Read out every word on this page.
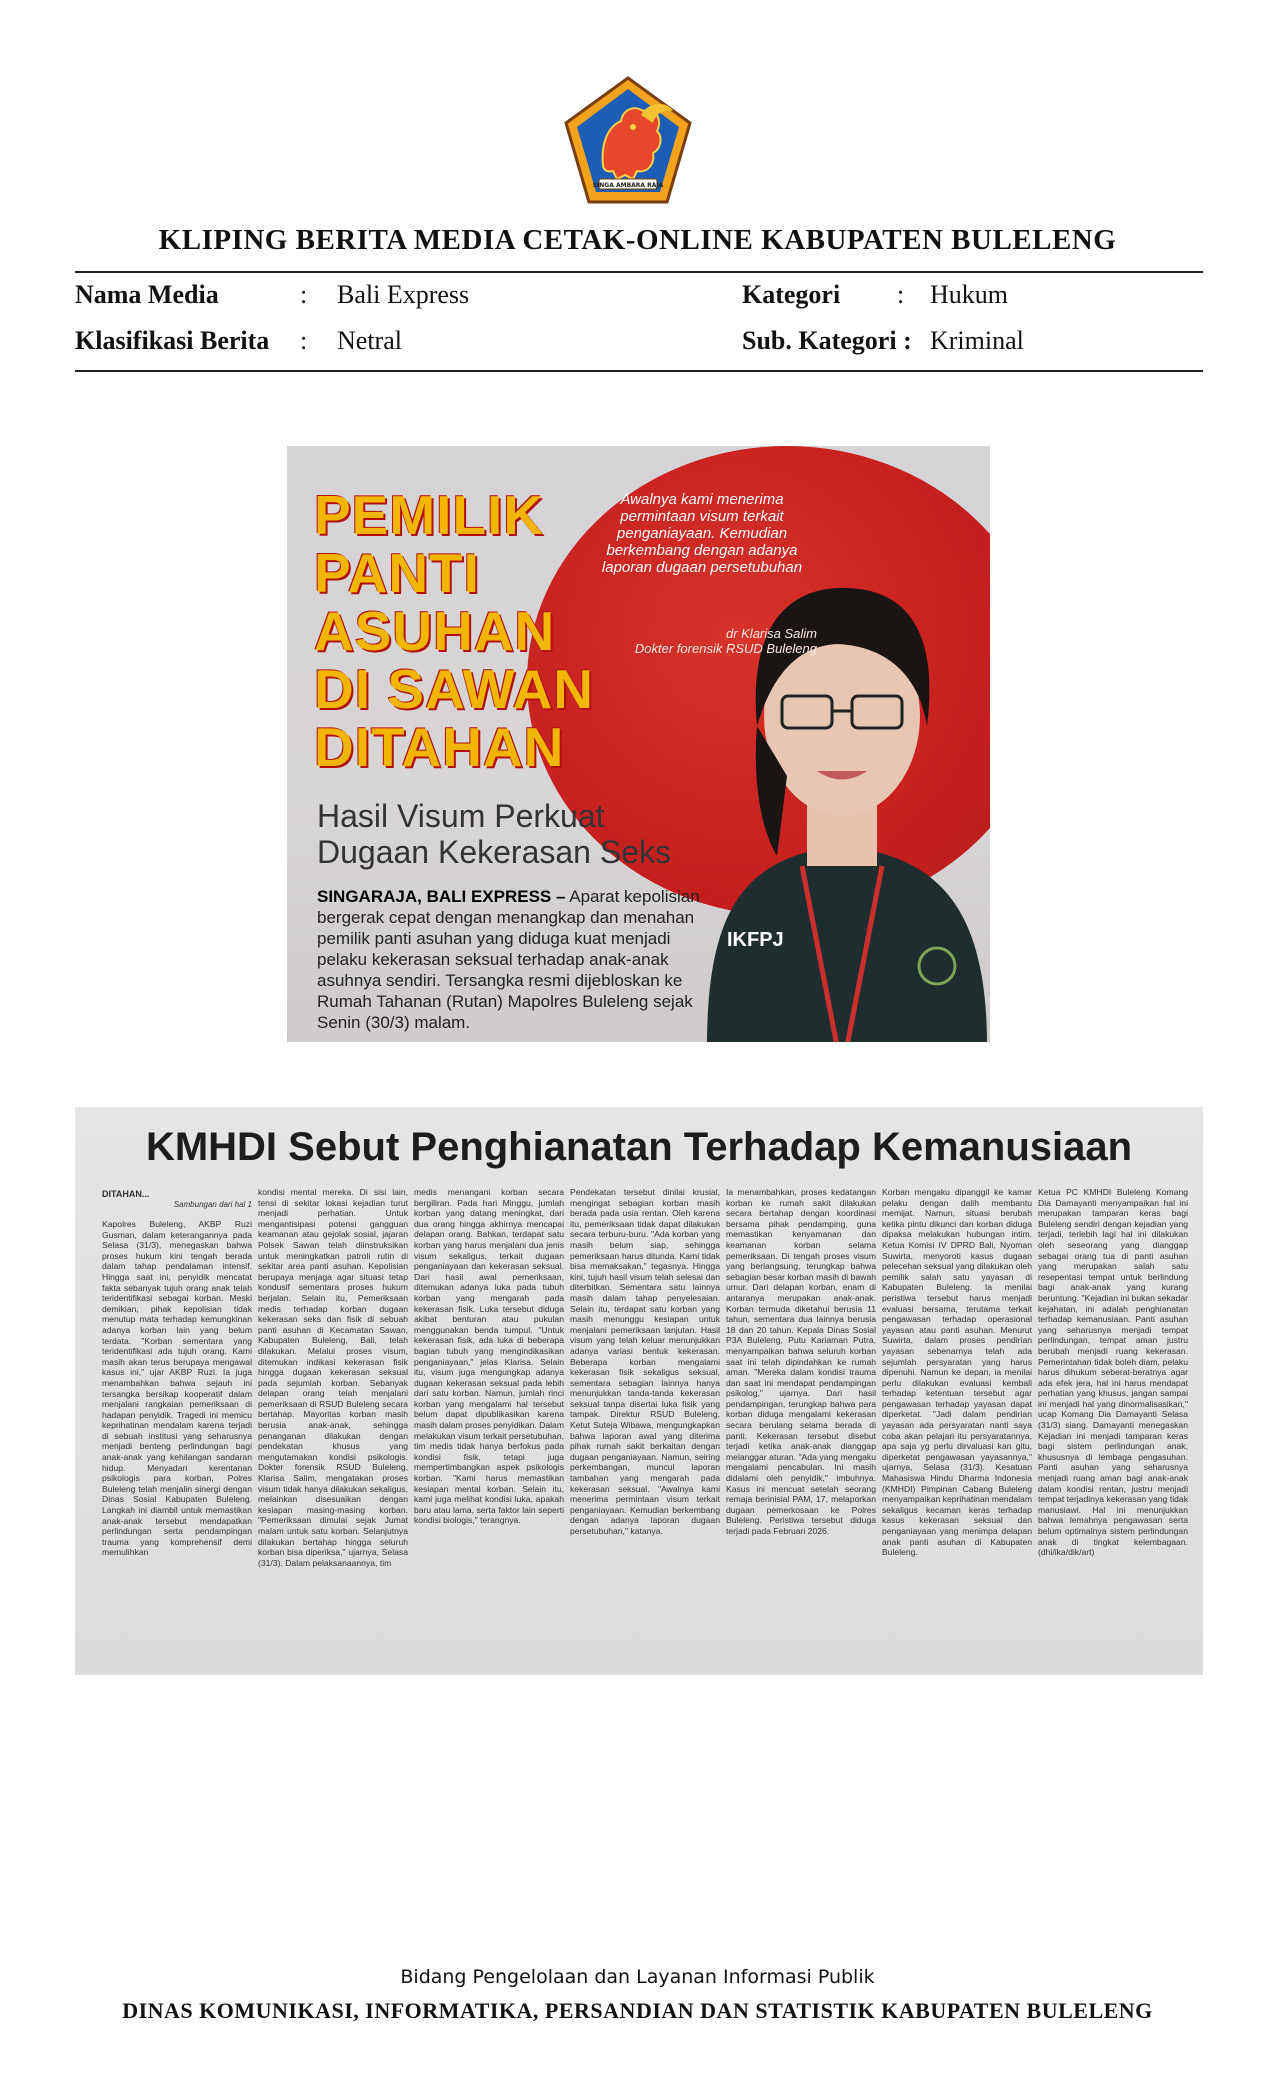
SINGA AMBARA RAJA
KLIPING BERITA MEDIA CETAK-ONLINE KABUPATEN BULELENG
Nama Media	: Bali Express	Kategori : Hukum
Klasifikasi Berita : Netral	Sub. Kategori : Kriminal
IKFPJ
Awalnya kami menerima permintaan visum terkait penganiayaan. Kemudian berkembang dengan adanya laporan dugaan persetubuhan
dr Klarisa Salim
Dokter forensik RSUD Buleleng
PEMILIK
PANTI
ASUHAN
DI SAWAN
DITAHAN
Hasil Visum Perkuat
Dugaan Kekerasan Seks
SINGARAJA, BALI EXPRESS – Aparat kepolisian bergerak cepat dengan menangkap dan menahan pemilik panti asuhan yang diduga kuat menjadi pelaku kekerasan seksual terhadap anak-anak asuhnya sendiri. Tersangka resmi dijebloskan ke Rumah Tahanan (Rutan) Mapolres Buleleng sejak Senin (30/3) malam.
KMHDI Sebut Penghianatan Terhadap Kemanusiaan
DITAHAN...
Sambungan dari hal 1
Kapolres Buleleng, AKBP Ruzi Gusman, dalam keterangannya pada Selasa (31/3), menegaskan bahwa proses hukum kini tengah berada dalam tahap pendalaman intensif. Hingga saat ini, penyidik mencatat fakta sebanyak tujuh orang anak telah teridentifikasi sebagai korban. Meski demikian, pihak kepolisian tidak menutup mata terhadap kemungkinan adanya korban lain yang belum terdata. "Korban sementara yang teridentifikasi ada tujuh orang. Kami masih akan terus berupaya mengawal kasus ini," ujar AKBP Ruzi. Ia juga menambahkan bahwa sejauh ini tersangka bersikap kooperatif dalam menjalani rangkaian pemeriksaan di hadapan penyidik. Tragedi ini memicu keprihatinan mendalam karena terjadi di sebuah institusi yang seharusnya menjadi benteng perlindungan bagi anak-anak yang kehilangan sandaran hidup. Menyadari kerentanan psikologis para korban, Polres Buleleng telah menjalin sinergi dengan Dinas Sosial Kabupaten Buleleng. Langkah ini diambil untuk memastikan anak-anak tersebut mendapatkan perlindungan serta pendampingan trauma yang komprehensif demi memulihkan
kondisi mental mereka. Di sisi lain, tensi di sekitar lokasi kejadian turut menjadi perhatian. Untuk mengantisipasi potensi gangguan keamanan atau gejolak sosial, jajaran Polsek Sawan telah diinstruksikan untuk meningkatkan patroli rutin di sekitar area panti asuhan. Kepolisian berupaya menjaga agar situasi tetap kondusif sementara proses hukum berjalan. Selain itu, Pemeriksaan medis terhadap korban dugaan kekerasan seks dan fisik di sebuah panti asuhan di Kecamatan Sawan, Kabupaten Buleleng, Bali, telah dilakukan. Melalui proses visum, ditemukan indikasi kekerasan fisik hingga dugaan kekerasan seksual pada sejumlah korban. Sebanyak delapan orang telah menjalani pemeriksaan di RSUD Buleleng secara bertahap. Mayoritas korban masih berusia anak-anak, sehingga penanganan dilakukan dengan pendekatan khusus yang mengutamakan kondisi psikologis. Dokter forensik RSUD Buleleng, Klarisa Salim, mengatakan proses visum tidak hanya dilakukan sekaligus, melainkan disesuaikan dengan kesiapan masing-masing korban. "Pemeriksaan dimulai sejak Jumat malam untuk satu korban. Selanjutnya dilakukan bertahap hingga seluruh korban bisa diperiksa," ujarnya, Selasa (31/3). Dalam pelaksanaannya, tim
medis menangani korban secara bergiliran. Pada hari Minggu, jumlah korban yang datang meningkat, dari dua orang hingga akhirnya mencapai delapan orang. Bahkan, terdapat satu korban yang harus menjalani dua jenis visum sekaligus, terkait dugaan penganiayaan dan kekerasan seksual. Dari hasil awal pemeriksaan, ditemukan adanya luka pada tubuh korban yang mengarah pada kekerasan fisik. Luka tersebut diduga akibat benturan atau pukulan menggunakan benda tumpul. "Untuk kekerasan fisik, ada luka di beberapa bagian tubuh yang mengindikasikan penganiayaan," jelas Klarisa. Selain itu, visum juga mengungkap adanya dugaan kekerasan seksual pada lebih dari satu korban. Namun, jumlah rinci korban yang mengalami hal tersebut belum dapat dipublikasikan karena masih dalam proses penyidikan. Dalam melakukan visum terkait persetubuhan, tim medis tidak hanya berfokus pada kondisi fisik, tetapi juga mempertimbangkan aspek psikologis korban. "Kami harus memastikan kesiapan mental korban. Selain itu, kami juga melihat kondisi luka, apakah baru atau lama, serta faktor lain seperti kondisi biologis," terangnya.
Pendekatan tersebut dinilai krusial, mengingat sebagian korban masih berada pada usia rentan. Oleh karena itu, pemeriksaan tidak dapat dilakukan secara terburu-buru. "Ada korban yang masih belum siap, sehingga pemeriksaan harus ditunda. Kami tidak bisa memaksakan," tegasnya. Hingga kini, tujuh hasil visum telah selesai dan diterbitkan. Sementara satu lainnya masih dalam tahap penyelesaian. Selain itu, terdapat satu korban yang masih menunggu kesiapan untuk menjalani pemeriksaan lanjutan. Hasil visum yang telah keluar menunjukkan adanya variasi bentuk kekerasan. Beberapa korban mengalami kekerasan fisik sekaligus seksual, sementara sebagian lainnya hanya menunjukkan tanda-tanda kekerasan seksual tanpa disertai luka fisik yang tampak. Direktur RSUD Buleleng, Ketut Suteja Wibawa, mengungkapkan bahwa laporan awal yang diterima pihak rumah sakit berkaitan dengan dugaan penganiayaan. Namun, seiring perkembangan, muncul laporan tambahan yang mengarah pada kekerasan seksual. "Awalnya kami menerima permintaan visum terkait penganiayaan. Kemudian berkembang dengan adanya laporan dugaan persetubuhan," katanya.
Ia menambahkan, proses kedatangan korban ke rumah sakit dilakukan secara bertahap dengan koordinasi bersama pihak pendamping, guna memastikan kenyamanan dan keamanan korban selama pemeriksaan. Di tengah proses visum yang berlangsung, terungkap bahwa sebagian besar korban masih di bawah umur. Dari delapan korban, enam di antaranya merupakan anak-anak. Korban termuda diketahui berusia 11 tahun, sementara dua lainnya berusia 18 dan 20 tahun. Kepala Dinas Sosial P3A Buleleng, Putu Kariaman Putra, menyampaikan bahwa seluruh korban saat ini telah dipindahkan ke rumah aman. "Mereka dalam kondisi trauma dan saat ini mendapat pendampingan psikolog," ujarnya. Dari hasil pendampingan, terungkap bahwa para korban diduga mengalami kekerasan secara berulang selama berada di panti. Kekerasan tersebut disebut terjadi ketika anak-anak dianggap melanggar aturan. "Ada yang mengaku mengalami pencabulan. Ini masih didalami oleh penyidik," imbuhnya. Kasus ini mencuat setelah seorang remaja berinisial PAM, 17, melaporkan dugaan pemerkosaan ke Polres Buleleng. Peristiwa tersebut diduga terjadi pada Februari 2026.
Korban mengaku dipanggil ke kamar pelaku dengan dalih membantu memijat. Namun, situasi berubah ketika pintu dikunci dan korban diduga dipaksa melakukan hubungan intim. Ketua Komisi IV DPRD Bali, Nyoman Suwirta, menyoroti kasus dugaan pelecehan seksual yang dilakukan oleh pemilik salah satu yayasan di Kabupaten Buleleng. Ia menilai peristiwa tersebut harus menjadi evaluasi bersama, terutama terkait pengawasan terhadap operasional yayasan atau panti asuhan. Menurut Suwirta, dalam proses pendirian yayasan sebenarnya telah ada sejumlah persyaratan yang harus dipenuhi. Namun ke depan, ia menilai perlu dilakukan evaluasi kembali terhadap ketentuan tersebut agar pengawasan terhadap yayasan dapat diperketat. "Jadi dalam pendirian yayasan ada persyaratan nanti saya coba akan pelajari itu persyaratannya, apa saja yg perlu dirvaluasi kan gitu, diperketat pengawasan yayasannya," ujarnya, Selasa (31/3). Kesatuan Mahasiswa Hindu Dharma Indonesia (KMHDI) Pimpinan Cabang Buleleng menyampaikan keprihatinan mendalam sekaligus kecaman keras terhadap kasus kekerasan seksual dan penganiayaan yang menimpa delapan anak panti asuhan di Kabupaten Buleleng.
Ketua PC KMHDI Buleleng Komang Dia Damayanti menyampaikan hal ini merupakan tamparan keras bagi Buleleng sendiri dengan kejadian yang terjadi, terlebih lagi hal ini dilakukan oleh seseorang yang dianggap sebagai orang tua di panti asuhan yang merupakan salah satu resepentasi tempat untuk berlindung bagi anak-anak yang kurang beruntung. "Kejadian ini bukan sekadar kejahatan, ini adalah penghianatan terhadap kemanusiaan. Panti asuhan yang seharusnya menjadi tempat perlindungan, tempat aman justru berubah menjadi ruang kekerasan. Pemerintahan tidak boleh diam, pelaku harus dihukum seberat-beratnya agar ada efek jera, hal ini harus mendapat perhatian yang khusus, jangan sampai ini menjadi hal yang dinormalisasikan," ucap Komang Dia Damayanti Selasa (31/3) siang. Damayanti menegaskan Kejadian ini menjadi tamparan keras bagi sistem perlindungan anak, khususnya di lembaga pengasuhan. Panti asuhan yang seharusnya menjadi ruang aman bagi anak-anak dalam kondisi rentan, justru menjadi tempat terjadinya kekerasan yang tidak manusiawi. Hal ini menunjukkan bahwa lemahnya pengawasan serta belum optimalnya sistem perlindungan anak di tingkat kelembagaan. (dhi/ika/dik/art)
Bidang Pengelolaan dan Layanan Informasi Publik
DINAS KOMUNIKASI, INFORMATIKA, PERSANDIAN DAN STATISTIK KABUPATEN BULELENG
